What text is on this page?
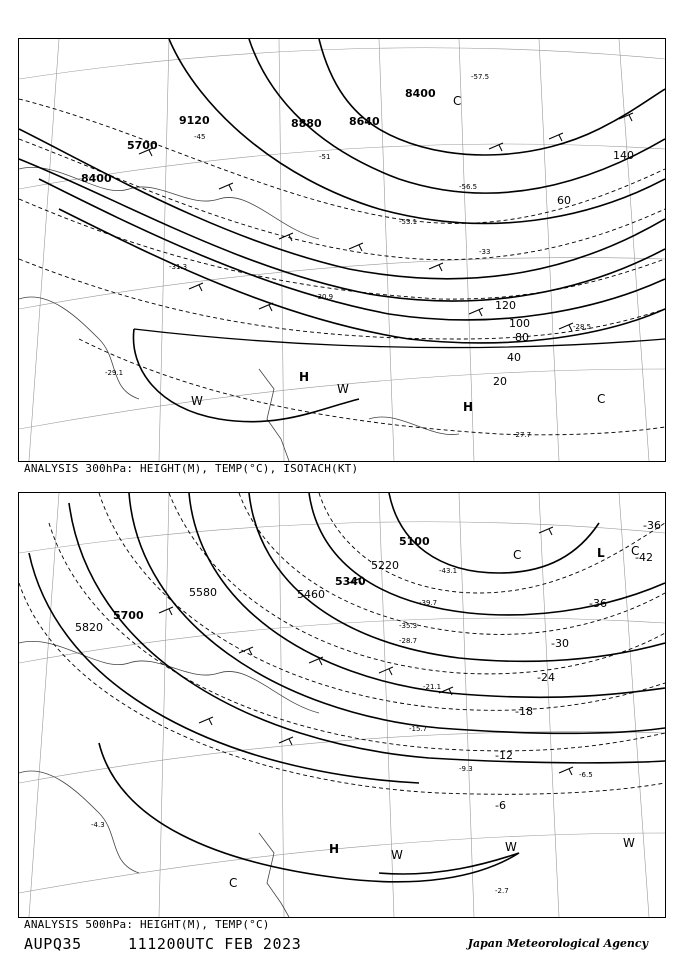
9120	8880 8640
8400
5700
8400
120
100
80
60
40
20
140
H
H
C
C
W
W
-45
-51
-53.1
-56.5
-33
-31.3
-30.9
-29.1
-28.5
-27.7
-57.5
ANALYSIS 300hPa: HEIGHT(M), TEMP(°C), ISOTACH(KT)
5100
5340
5460
5580
5700
5820
5220
-36
-42
-36
-30
-24
-18
-12
-6
L
C
H	W
W	W
C
C
-43.1
-39.7
-35.3
-28.7
-21.1
-15.7
-9.3
-6.5
-4.3
-2.7
ANALYSIS 500hPa: HEIGHT(M), TEMP(°C)
AUPQ35	111200UTC FEB 2023	Japan Meteorological Agency
